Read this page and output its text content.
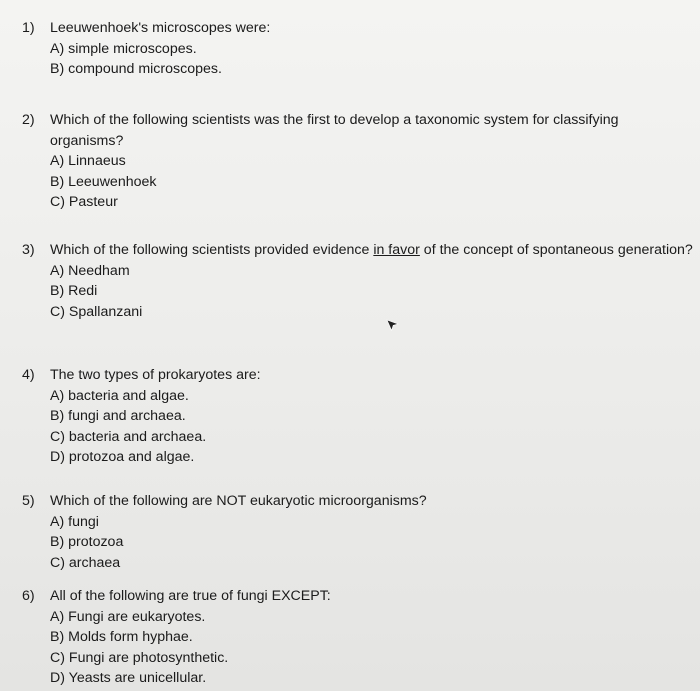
1)	Leeuwenhoek's microscopes were:
A) simple microscopes.
B) compound microscopes.
2)	Which of the following scientists was the first to develop a taxonomic system for classifying organisms?
A) Linnaeus
B) Leeuwenhoek
C) Pasteur
3)	Which of the following scientists provided evidence in favor of the concept of spontaneous generation?
A) Needham
B) Redi
C) Spallanzani
4)	The two types of prokaryotes are:
A) bacteria and algae.
B) fungi and archaea.
C) bacteria and archaea.
D) protozoa and algae.
5)	Which of the following are NOT eukaryotic microorganisms?
A) fungi
B) protozoa
C) archaea
6)	All of the following are true of fungi EXCEPT:
A) Fungi are eukaryotes.
B) Molds form hyphae.
C) Fungi are photosynthetic.
D) Yeasts are unicellular.
